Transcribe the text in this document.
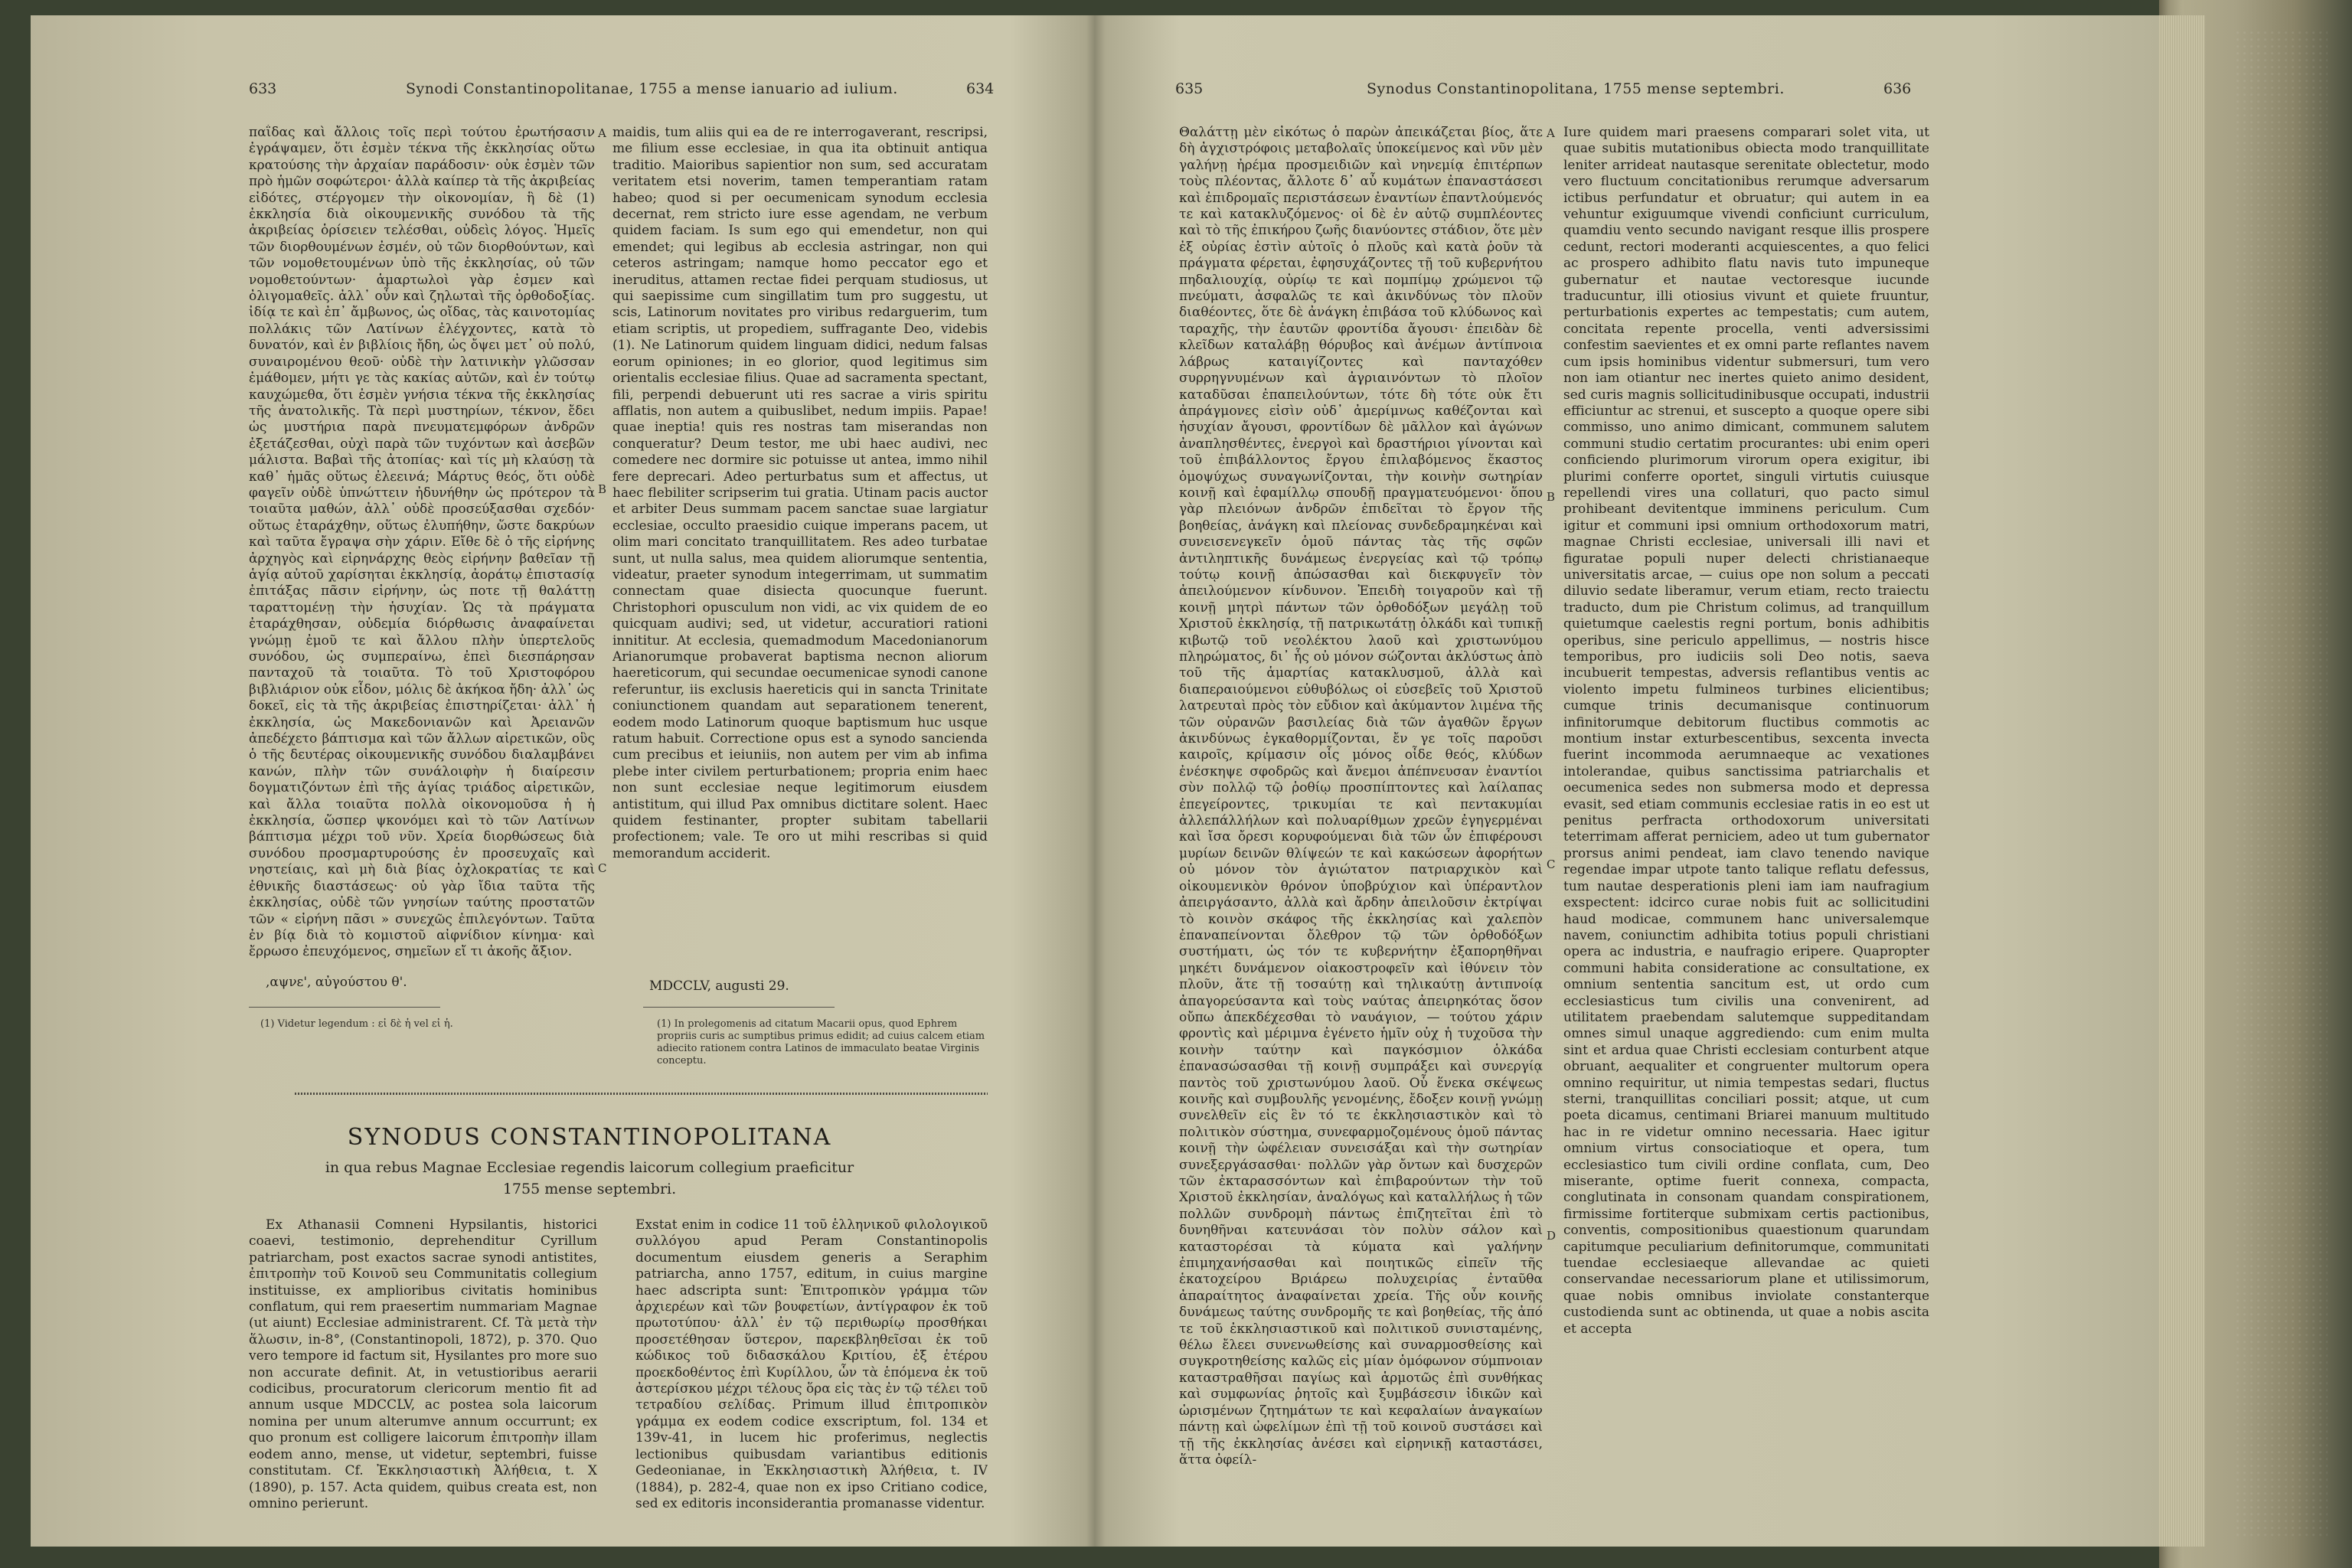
633	Synodi Constantinopolitanae, 1755 a mense ianuario ad iulium.	634

παΐδας καὶ ἄλλοις τοῖς περὶ τούτου ἐρωτήσασιν ἐγράψαμεν, ὅτι ἐσμὲν τέκνα τῆς ἐκκλησίας οὕτω κρατούσης τὴν ἀρχαίαν παράδοσιν· οὐκ ἐσμὲν τῶν πρὸ ἡμῶν σοφώτεροι· ἀλλὰ καίπερ τὰ τῆς ἀκριβείας εἰδότες, στέργομεν τὴν οἰκονομίαν, ἣ δὲ (1) ἐκκλησία διὰ οἰκουμενικῆς συνόδου τὰ τῆς ἀκριβείας ὁρίσειεν τελέσθαι, οὐδεὶς λόγος. Ἡμεῖς τῶν διορθουμένων ἐσμέν, οὐ τῶν διορθούντων, καὶ τῶν νομοθετουμένων ὑπὸ τῆς ἐκκλησίας, οὐ τῶν νομοθετούντων· ἁμαρτωλοὶ γὰρ ἐσμεν καὶ ὀλιγομαθεῖς. ἀλλ᾽ οὖν καὶ ζηλωταὶ τῆς ὀρθοδοξίας. ἰδίᾳ τε καὶ ἐπ᾽ ἄμβωνος, ὡς οἴδας, τὰς καινοτομίας πολλάκις τῶν Λατίνων ἐλέγχοντες, κατὰ τὸ δυνατόν, καὶ ἐν βιβλίοις ἤδη, ὡς ὄψει μετ᾽ οὐ πολύ, συναιρομένου θεοῦ· οὐδὲ τὴν λατινικὴν γλῶσσαν ἐμάθομεν, μήτι γε τὰς κακίας αὐτῶν, καὶ ἐν τούτῳ καυχώμεθα, ὅτι ἐσμὲν γνήσια τέκνα τῆς ἐκκλησίας τῆς ἀνατολικῆς. Τὰ περὶ μυστηρίων, τέκνον, ἔδει ὡς μυστήρια παρὰ πνευματεμφόρων ἀνδρῶν ἐξετάζεσθαι, οὐχὶ παρὰ τῶν τυχόντων καὶ ἀσεβῶν μάλιστα. Βαβαὶ τῆς ἀτοπίας· καὶ τίς μὴ κλαύσῃ τὰ καθ᾽ ἡμᾶς οὕτως ἐλεεινά; Μάρτυς θεός, ὅτι οὐδὲ φαγεῖν οὐδὲ ὑπνώττειν ἠδυνήθην ὡς πρότερον τὰ τοιαῦτα μαθών, ἀλλ᾽ οὐδὲ προσεύξασθαι σχεδόν· οὕτως ἐταράχθην, οὕτως ἐλυπήθην, ὥστε δακρύων καὶ ταῦτα ἔγραψα σὴν χάριν. Εἴθε δὲ ὁ τῆς εἰρήνης ἀρχηγὸς καὶ εἰρηνάρχης θεὸς εἰρήνην βαθεῖαν τῇ ἁγίᾳ αὐτοῦ χαρίσηται ἐκκλησίᾳ, ἀοράτῳ ἐπιστασίᾳ ἐπιτάξας πᾶσιν εἰρήνην, ὡς ποτε τῇ θαλάττῃ ταραττομένῃ τὴν ἡσυχίαν. Ὡς τὰ πράγματα ἐταράχθησαν, οὐδεμία διόρθωσις ἀναφαίνεται γνώμῃ ἐμοῦ τε καὶ ἄλλου πλὴν ὑπερτελοῦς συνόδου, ὡς συμπεραίνω, ἐπεὶ διεσπάρησαν πανταχοῦ τὰ τοιαῦτα. Τὸ τοῦ Χριστοφόρου βιβλιάριον οὐκ εἶδον, μόλις δὲ ἀκήκοα ἤδη· ἀλλ᾽ ὡς δοκεῖ, εἰς τὰ τῆς ἀκριβείας ἐπιστηρίζεται· ἀλλ᾽ ἡ ἐκκλησία, ὡς Μακεδονιανῶν καὶ Ἀρειανῶν ἀπεδέχετο βάπτισμα καὶ τῶν ἄλλων αἱρετικῶν, οὓς ὁ τῆς δευτέρας οἰκουμενικῆς συνόδου διαλαμβάνει κανών, πλὴν τῶν συνάλοιφὴν ἡ διαίρεσιν δογματιζόντων ἐπὶ τῆς ἁγίας τριάδος αἱρετικῶν, καὶ ἄλλα τοιαῦτα πολλὰ οἰκονομοῦσα ἡ ἡ ἐκκλησία, ὥσπερ ψκονόμει καὶ τὸ τῶν Λατίνων βάπτισμα μέχρι τοῦ νῦν. Χρεία διορθώσεως διὰ συνόδου προσμαρτυρούσης ἐν προσευχαῖς καὶ νηστείαις, καὶ μὴ διὰ βίας ὀχλοκρατίας τε καὶ ἐθνικῆς διαστάσεως· οὐ γὰρ ἴδια ταῦτα τῆς ἐκκλησίας, οὐδὲ τῶν γνησίων ταύτης προστατῶν τῶν « εἰρήνη πᾶσι » συνεχῶς ἐπιλεγόντων. Ταῦτα ἐν βίᾳ διὰ τὸ κομιστοῦ αἰφνίδιον κίνημα· καὶ ἔρρωσο ἐπευχόμενος, σημεῖων εἴ τι ἀκοῆς ἄξιον.

,αψνε', αὐγούστου θ'.

A
B
C

maidis, tum aliis qui ea de re interrogaverant, rescripsi, me filium esse ecclesiae, in qua ita obtinuit antiqua traditio. Maioribus sapientior non sum, sed accuratam veritatem etsi noverim, tamen temperantiam ratam habeo; quod si per oecumenicam synodum ecclesia decernat, rem stricto iure esse agendam, ne verbum quidem faciam. Is sum ego qui emendetur, non qui emendet; qui legibus ab ecclesia astringar, non qui ceteros astringam; namque homo peccator ego et ineruditus, attamen rectae fidei perquam studiosus, ut qui saepissime cum singillatim tum pro suggestu, ut scis, Latinorum novitates pro viribus redarguerim, tum etiam scriptis, ut propediem, suffragante Deo, videbis (1). Ne Latinorum quidem linguam didici, nedum falsas eorum opiniones; in eo glorior, quod legitimus sim orientalis ecclesiae filius. Quae ad sacramenta spectant, fili, perpendi debuerunt uti res sacrae a viris spiritu afflatis, non autem a quibuslibet, nedum impiis. Papae! quae ineptia! quis res nostras tam miserandas non conqueratur? Deum testor, me ubi haec audivi, nec comedere nec dormire sic potuisse ut antea, immo nihil fere deprecari. Adeo perturbatus sum et affectus, ut haec flebiliter scripserim tui gratia. Utinam pacis auctor et arbiter Deus summam pacem sanctae suae largiatur ecclesiae, occulto praesidio cuique imperans pacem, ut olim mari concitato tranquillitatem. Res adeo turbatae sunt, ut nulla salus, mea quidem aliorumque sententia, videatur, praeter synodum integerrimam, ut summatim connectam quae disiecta quocunque fuerunt. Christophori opusculum non vidi, ac vix quidem de eo quicquam audivi; sed, ut videtur, accuratiori rationi innititur. At ecclesia, quemadmodum Macedonianorum Arianorumque probaverat baptisma necnon aliorum haereticorum, qui secundae oecumenicae synodi canone referuntur, iis exclusis haereticis qui in sancta Trinitate coniunctionem quandam aut separationem tenerent, eodem modo Latinorum quoque baptismum huc usque ratum habuit. Correctione opus est a synodo sancienda cum precibus et ieiuniis, non autem per vim ab infima plebe inter civilem perturbationem; propria enim haec non sunt ecclesiae neque legitimorum eiusdem antistitum, qui illud Pax omnibus dictitare solent. Haec quidem festinanter, propter subitam tabellarii profectionem; vale. Te oro ut mihi rescribas si quid memorandum acciderit.

MDCCLV, augusti 29.
(1) Videtur legendum : εἰ δὲ ἡ vel εἰ ἡ.	(1) In prolegomenis ad citatum Macarii opus, quod Ephrem propriis curis ac sumptibus primus edidit; ad cuius calcem etiam adiecito rationem contra Latinos de immaculato beatae Virginis conceptu.
SYNODUS CONSTANTINOPOLITANA
in qua rebus Magnae Ecclesiae regendis laicorum collegium praeficitur
1755 mense septembri.

Ex Athanasii Comneni Hypsilantis, historici coaevi, testimonio, deprehenditur Cyrillum patriarcham, post exactos sacrae synodi antistites, ἐπιτροπὴν τοῦ Κοινοῦ seu Communitatis collegium instituisse, ex amplioribus civitatis hominibus conflatum, qui rem praesertim nummariam Magnae (ut aiunt) Ecclesiae administrarent. Cf. Τὰ μετὰ τὴν ἅλωσιν, in-8°, (Constantinopoli, 1872), p. 370. Quo vero tempore id factum sit, Hysilantes pro more suo non accurate definit. At, in vetustioribus aerarii codicibus, procuratorum clericorum mentio fit ad annum usque MDCCLV, ac postea sola laicorum nomina per unum alterumve annum occurrunt; ex quo pronum est colligere laicorum ἐπιτροπὴν illam eodem anno, mense, ut videtur, septembri, fuisse constitutam. Cf. Ἐκκλησιαστικὴ Ἀλήθεια, t. X (1890), p. 157. Acta quidem, quibus creata est, non omnino perierunt.

Exstat enim in codice 11 τοῦ ἑλληνικοῦ φιλολογικοῦ συλλόγου apud Peram Constantinopolis documentum eiusdem generis a Seraphim patriarcha, anno 1757, editum, in cuius margine haec adscripta sunt: Ἐπιτροπικὸν γράμμα τῶν ἀρχιερέων καὶ τῶν βουφετίων, ἀντίγραφον ἐκ τοῦ πρωτοτύπου· ἀλλ᾽ ἐν τῷ περιθωρίῳ προσθήκαι προσετέθησαν ὕστερον, παρεκβληθεῖσαι ἐκ τοῦ κώδικος τοῦ διδασκάλου Κριτίου, ἐξ ἑτέρου προεκδοθέντος ἐπὶ Κυρίλλου, ὧν τὰ ἑπόμενα ἐκ τοῦ ἀστερίσκου μέχρι τέλους ὅρα εἰς τὰς ἐν τῷ τέλει τοῦ τετραδίου σελίδας. Primum illud ἐπιτροπικὸν γράμμα ex eodem codice exscriptum, fol. 134 et 139v-41, in lucem hic proferimus, neglectis lectionibus quibusdam variantibus editionis Gedeonianae, in Ἐκκλησιαστικὴ Ἀλήθεια, t. IV (1884), p. 282-4, quae non ex ipso Critiano codice, sed ex editoris inconsiderantia promanasse videntur.

635	Synodus Constantinopolitana, 1755 mense septembri.	636

Θαλάττῃ μὲν εἰκότως ὁ παρὼν ἀπεικάζεται βίος, ἅτε δὴ ἀγχιστρόφοις μεταβολαῖς ὑποκείμενος καὶ νῦν μὲν γαλήνῃ ἠρέμα προσμειδιῶν καὶ νηνεμίᾳ ἐπιτέρπων τοὺς πλέοντας, ἄλλοτε δ᾽ αὖ κυμάτων ἐπαναστάσεσι καὶ ἐπιδρομαῖς περιστάσεων ἐναντίων ἐπαντλούμενός τε καὶ κατακλυζόμενος· οἱ δὲ ἐν αὐτῷ συμπλέοντες καὶ τὸ τῆς ἐπικήρου ζωῆς διανύοντες στάδιον, ὅτε μὲν ἐξ οὐρίας ἐστὶν αὐτοῖς ὁ πλοῦς καὶ κατὰ ῥοῦν τὰ πράγματα φέρεται, ἐφησυχάζοντες τῇ τοῦ κυβερνήτου πηδαλιουχίᾳ, οὐρίῳ τε καὶ πομπίμῳ χρώμενοι τῷ πνεύματι, ἀσφαλῶς τε καὶ ἀκινδύνως τὸν πλοῦν διαθέοντες, ὅτε δὲ ἀνάγκη ἐπιβάσα τοῦ κλύδωνος καὶ ταραχῆς, τὴν ἑαυτῶν φροντίδα ἄγουσι· ἐπειδὰν δὲ κλεῖδων καταλάβῃ θόρυβος καὶ ἀνέμων ἀντίπνοια λάβρως καταιγίζοντες καὶ πανταχόθεν συρρηγνυμένων καὶ ἀγριαινόντων τὸ πλοῖον καταδῦσαι ἐπαπειλούντων, τότε δὴ τότε οὐκ ἔτι ἀπράγμονες εἰσὶν οὐδ᾽ ἀμερίμνως καθέζονται καὶ ἡσυχίαν ἄγουσι, φροντίδων δὲ μᾶλλον καὶ ἀγώνων ἀναπλησθέντες, ἐνεργοὶ καὶ δραστήριοι γίνονται καὶ τοῦ ἐπιβάλλοντος ἔργου ἐπιλαβόμενος ἕκαστος ὁμοψύχως συναγωνίζονται, τὴν κοινὴν σωτηρίαν κοινῇ καὶ ἐφαμίλλῳ σπουδῇ πραγματευόμενοι· ὅπου γὰρ πλειόνων ἀνδρῶν ἐπιδεῖται τὸ ἔργον τῆς βοηθείας, ἀνάγκη καὶ πλείονας συνδεδραμηκέναι καὶ συνεισενεγκεῖν ὁμοῦ πάντας τὰς τῆς σφῶν ἀντιληπτικῆς δυνάμεως ἐνεργείας καὶ τῷ τρόπῳ τούτῳ κοινῇ ἀπώσασθαι καὶ διεκφυγεῖν τὸν ἀπειλούμενον κίνδυνον. Ἐπειδὴ τοιγαροῦν καὶ τῇ κοινῇ μητρὶ πάντων τῶν ὀρθοδόξων μεγάλῃ τοῦ Χριστοῦ ἐκκλησίᾳ, τῇ πατρικωτάτῃ ὁλκάδι καὶ τυπικῇ κιβωτῷ τοῦ νεολέκτου λαοῦ καὶ χριστωνύμου πληρώματος, δι᾽ ἧς οὐ μόνον σώζονται ἀκλύστως ἀπὸ τοῦ τῆς ἁμαρτίας κατακλυσμοῦ, ἀλλὰ καὶ διαπεραιούμενοι εὐθυβόλως οἱ εὐσεβεῖς τοῦ Χριστοῦ λατρευταὶ πρὸς τὸν εὔδιον καὶ ἀκύμαντον λιμένα τῆς τῶν οὐρανῶν βασιλείας διὰ τῶν ἀγαθῶν ἔργων ἀκινδύνως ἐγκαθορμίζονται, ἔν γε τοῖς παροῦσι καιροῖς, κρίμασιν οἷς μόνος οἶδε θεός, κλύδων ἐνέσκηψε σφοδρῶς καὶ ἄνεμοι ἀπέπνευσαν ἐναντίοι σὺν πολλῷ τῷ ῥοθίῳ προσπίπτοντες καὶ λαίλαπας ἐπεγείροντες, τρικυμίαι τε καὶ πεντακυμίαι ἀλλεπάλλήλων καὶ πολυαρίθμων χρεῶν ἐγηγερμέναι καὶ ἴσα ὄρεσι κορυφούμεναι διὰ τῶν ὧν ἐπιφέρουσι μυρίων δεινῶν θλίψεών τε καὶ κακώσεων ἀφορήτων οὐ μόνον τὸν ἀγιώτατον πατριαρχικὸν καὶ οἰκουμενικὸν θρόνον ὑποβρύχιον καὶ ὑπέραντλον ἀπειργάσαντο, ἀλλὰ καὶ ἄρδην ἀπειλοῦσιν ἐκτρίψαι τὸ κοινὸν σκάφος τῆς ἐκκλησίας καὶ χαλεπὸν ἐπαναπείνονται ὄλεθρον τῷ τῶν ὀρθοδόξων συστήματι, ὡς τόν τε κυβερνήτην ἐξαπορηθῆναι μηκέτι δυνάμενον οἰακοστροφεῖν καὶ ἰθύνειν τὸν πλοῦν, ἅτε τῇ τοσαύτῃ καὶ τηλικαύτῃ ἀντιπνοίᾳ ἀπαγορεύσαντα καὶ τοὺς ναύτας ἀπειρηκότας ὅσον οὔπω ἀπεκδέχεσθαι τὸ ναυάγιον, — τούτου χάριν φροντὶς καὶ μέριμνα ἐγένετο ἡμῖν οὐχ ἡ τυχοῦσα τὴν κοινὴν ταύτην καὶ παγκόσμιον ὁλκάδα ἐπανασώσασθαι τῇ κοινῇ συμπράξει καὶ συνεργίᾳ παντὸς τοῦ χριστωνύμου λαοῦ. Οὗ ἕνεκα σκέψεως κοινῆς καὶ συμβουλῆς γενομένης, ἔδοξεν κοινῇ γνώμῃ συνελθεῖν εἰς ἓν τό τε ἐκκλησιαστικὸν καὶ τὸ πολιτικὸν σύστημα, συνεφαρμοζομένους ὁμοῦ πάντας κοινῇ τὴν ὠφέλειαν συνεισάξαι καὶ τὴν σωτηρίαν συνεξεργάσασθαι· πολλῶν γὰρ ὄντων καὶ δυσχερῶν τῶν ἐκταρασσόντων καὶ ἐπιβαρούντων τὴν τοῦ Χριστοῦ ἐκκλησίαν, ἀναλόγως καὶ καταλλήλως ἡ τῶν πολλῶν συνδρομὴ πάντως ἐπιζητεῖται ἐπὶ τὸ δυνηθῆναι κατευνάσαι τὸν πολὺν σάλον καὶ καταστορέσαι τὰ κύματα καὶ γαλήνην ἐπιμηχανήσασθαι καὶ ποιητικῶς εἰπεῖν τῆς ἑκατοχείρου Βριάρεω πολυχειρίας ἐνταῦθα ἀπαραίτητος ἀναφαίνεται χρεία. Τῆς οὖν κοινῆς δυνάμεως ταύτης συνδρομῆς τε καὶ βοηθείας, τῆς ἀπό τε τοῦ ἐκκλησιαστικοῦ καὶ πολιτικοῦ συνισταμένης, θέλω ἔλεει συνενωθείσης καὶ συναρμοσθείσης καὶ συγκροτηθείσης καλῶς εἰς μίαν ὁμόφωνον σύμπνοιαν καταστραθῆσαι παγίως καὶ ἁρμοτῶς ἐπὶ συνθήκας καὶ συμφωνίας ῥητοῖς καὶ ξυμβάσεσιν ἰδικῶν καὶ ὡρισμένων ζητημάτων τε καὶ κεφαλαίων ἀναγκαίων πάντῃ καὶ ὠφελίμων ἐπὶ τῇ τοῦ κοινοῦ συστάσει καὶ τῇ τῆς ἐκκλησίας ἀνέσει καὶ εἰρηνικῇ καταστάσει, ἅττα ὀφείλ-

A
B
C
D

Iure quidem mari praesens comparari solet vita, ut quae subitis mutationibus obiecta modo tranquillitate leniter arrideat nautasque serenitate oblectetur, modo vero fluctuum concitationibus rerumque adversarum ictibus perfundatur et obruatur; qui autem in ea vehuntur exiguumque vivendi conficiunt curriculum, quamdiu vento secundo navigant resque illis prospere cedunt, rectori moderanti acquiescentes, a quo felici ac prospero adhibito flatu navis tuto impuneque gubernatur et nautae vectoresque iucunde traducuntur, illi otiosius vivunt et quiete fruuntur, perturbationis expertes ac tempestatis; cum autem, concitata repente procella, venti adversissimi confestim saevientes et ex omni parte reflantes navem cum ipsis hominibus videntur submersuri, tum vero non iam otiantur nec inertes quieto animo desident, sed curis magnis sollicitudinibusque occupati, industrii efficiuntur ac strenui, et suscepto a quoque opere sibi commisso, uno animo dimicant, communem salutem communi studio certatim procurantes: ubi enim operi conficiendo plurimorum virorum opera exigitur, ibi plurimi conferre oportet, singuli virtutis cuiusque repellendi vires una collaturi, quo pacto simul prohibeant devitentque imminens periculum. Cum igitur et communi ipsi omnium orthodoxorum matri, magnae Christi ecclesiae, universali illi navi et figuratae populi nuper delecti christianaeque universitatis arcae, — cuius ope non solum a peccati diluvio sedate liberamur, verum etiam, recto traiectu traducto, dum pie Christum colimus, ad tranquillum quietumque caelestis regni portum, bonis adhibitis operibus, sine periculo appellimus, — nostris hisce temporibus, pro iudiciis soli Deo notis, saeva incubuerit tempestas, adversis reflantibus ventis ac violento impetu fulmineos turbines elicientibus; cumque trinis decumanisque continuorum infinitorumque debitorum fluctibus commotis ac montium instar exturbescentibus, sexcenta invecta fuerint incommoda aerumnaeque ac vexationes intolerandae, quibus sanctissima patriarchalis et oecumenica sedes non submersa modo et depressa evasit, sed etiam communis ecclesiae ratis in eo est ut penitus perfracta orthodoxorum universitati teterrimam afferat perniciem, adeo ut tum gubernator prorsus animi pendeat, iam clavo tenendo navique regendae impar utpote tanto talique reflatu defessus, tum nautae desperationis pleni iam iam naufragium exspectent: idcirco curae nobis fuit ac sollicitudini haud modicae, communem hanc universalemque navem, coniunctim adhibita totius populi christiani opera ac industria, e naufragio eripere. Quapropter communi habita consideratione ac consultatione, ex omnium sententia sancitum est, ut ordo cum ecclesiasticus tum civilis una convenirent, ad utilitatem praebendam salutemque suppeditandam omnes simul unaque aggrediendo: cum enim multa sint et ardua quae Christi ecclesiam conturbent atque obruant, aequaliter et congruenter multorum opera omnino requiritur, ut nimia tempestas sedari, fluctus sterni, tranquillitas conciliari possit; atque, ut cum poeta dicamus, centimani Briarei manuum multitudo hac in re videtur omnino necessaria. Haec igitur omnium virtus consociatioque et opera, tum ecclesiastico tum civili ordine conflata, cum, Deo miserante, optime fuerit connexa, compacta, conglutinata in consonam quandam conspirationem, firmissime fortiterque submixam certis pactionibus, conventis, compositionibus quaestionum quarundam capitumque peculiarium definitorumque, communitati tuendae ecclesiaeque allevandae ac quieti conservandae necessariorum plane et utilissimorum, quae nobis omnibus inviolate constanterque custodienda sunt ac obtinenda, ut quae a nobis ascita et accepta
